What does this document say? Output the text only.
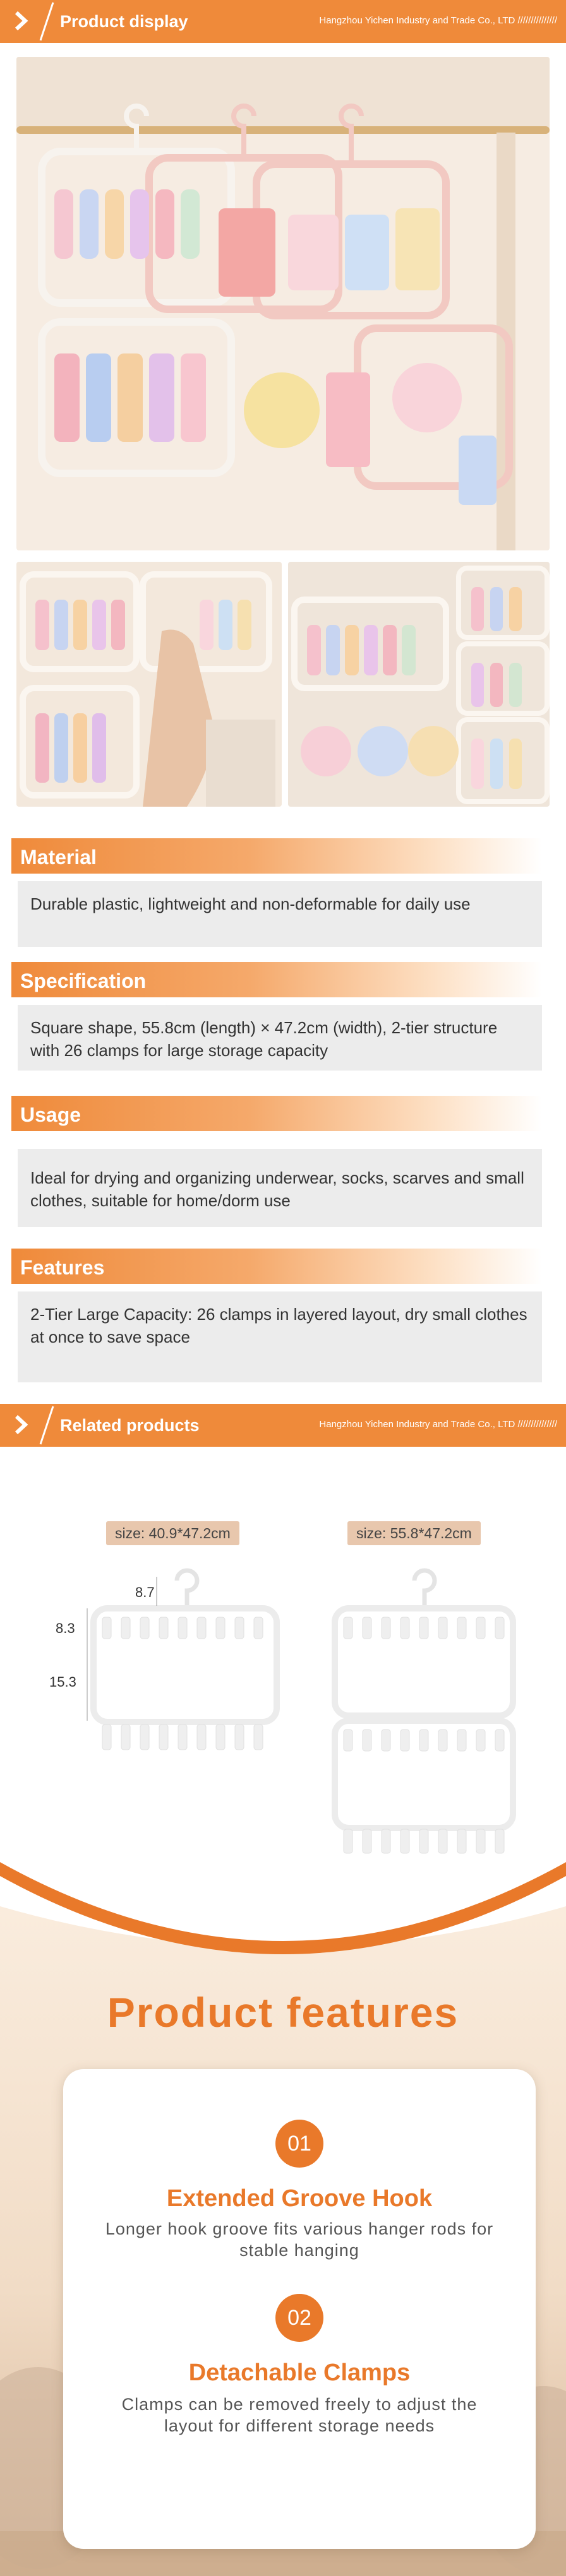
Product display	Hangzhou Yichen Industry and Trade Co., LTD ///////////////
Material
Durable plastic, lightweight and non-deformable for daily use
Specification
Square shape, 55.8cm (length) × 47.2cm (width), 2-tier structure with 26 clamps for large storage capacity
Usage
Ideal for drying and organizing underwear, socks, scarves and small clothes, suitable for home/dorm use
Features
2-Tier Large Capacity: 26 clamps in layered layout, dry small clothes at once to save space
Related products	Hangzhou Yichen Industry and Trade Co., LTD ///////////////
size: 40.9*47.2cm
8.7
8.3
15.3
size: 55.8*47.2cm
Product features
01
Extended Groove Hook
Longer hook groove fits various hanger rods for stable hanging
02
Detachable Clamps
Clamps can be removed freely to adjust the layout for different storage needs
